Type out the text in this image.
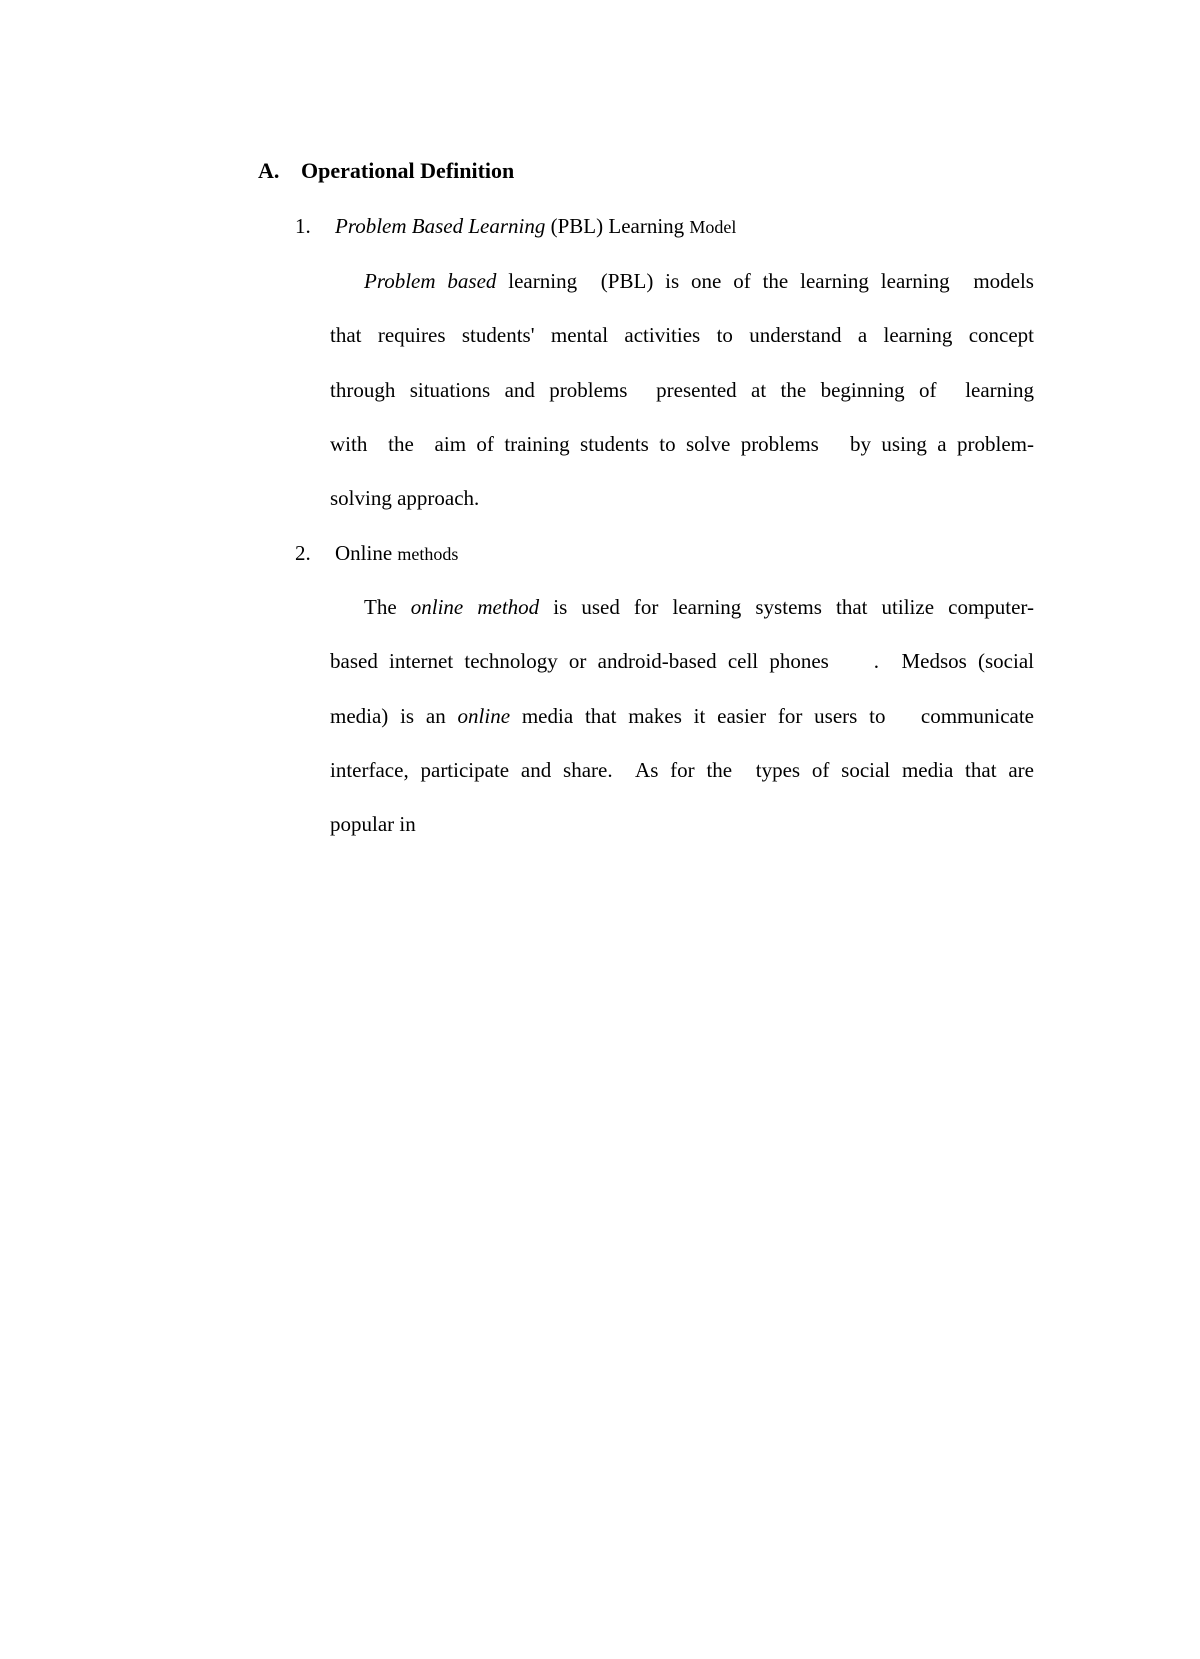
A. Operational Definition
1. Problem Based Learning (PBL) Learning Model
Problem based learning  (PBL) is one of the learning learning  models
that requires students' mental activities to understand a learning concept
through situations and problems  presented at the beginning of  learning
with  the  aim of training students to solve problems   by using a problem-
solving approach.
2. Online methods
The online method is used for learning systems that utilize computer-
based internet technology or android-based cell phones    .  Medsos (social
media) is an online media that makes it easier for users to   communicate
interface, participate and share.  As for the  types of social media that are
popular in
